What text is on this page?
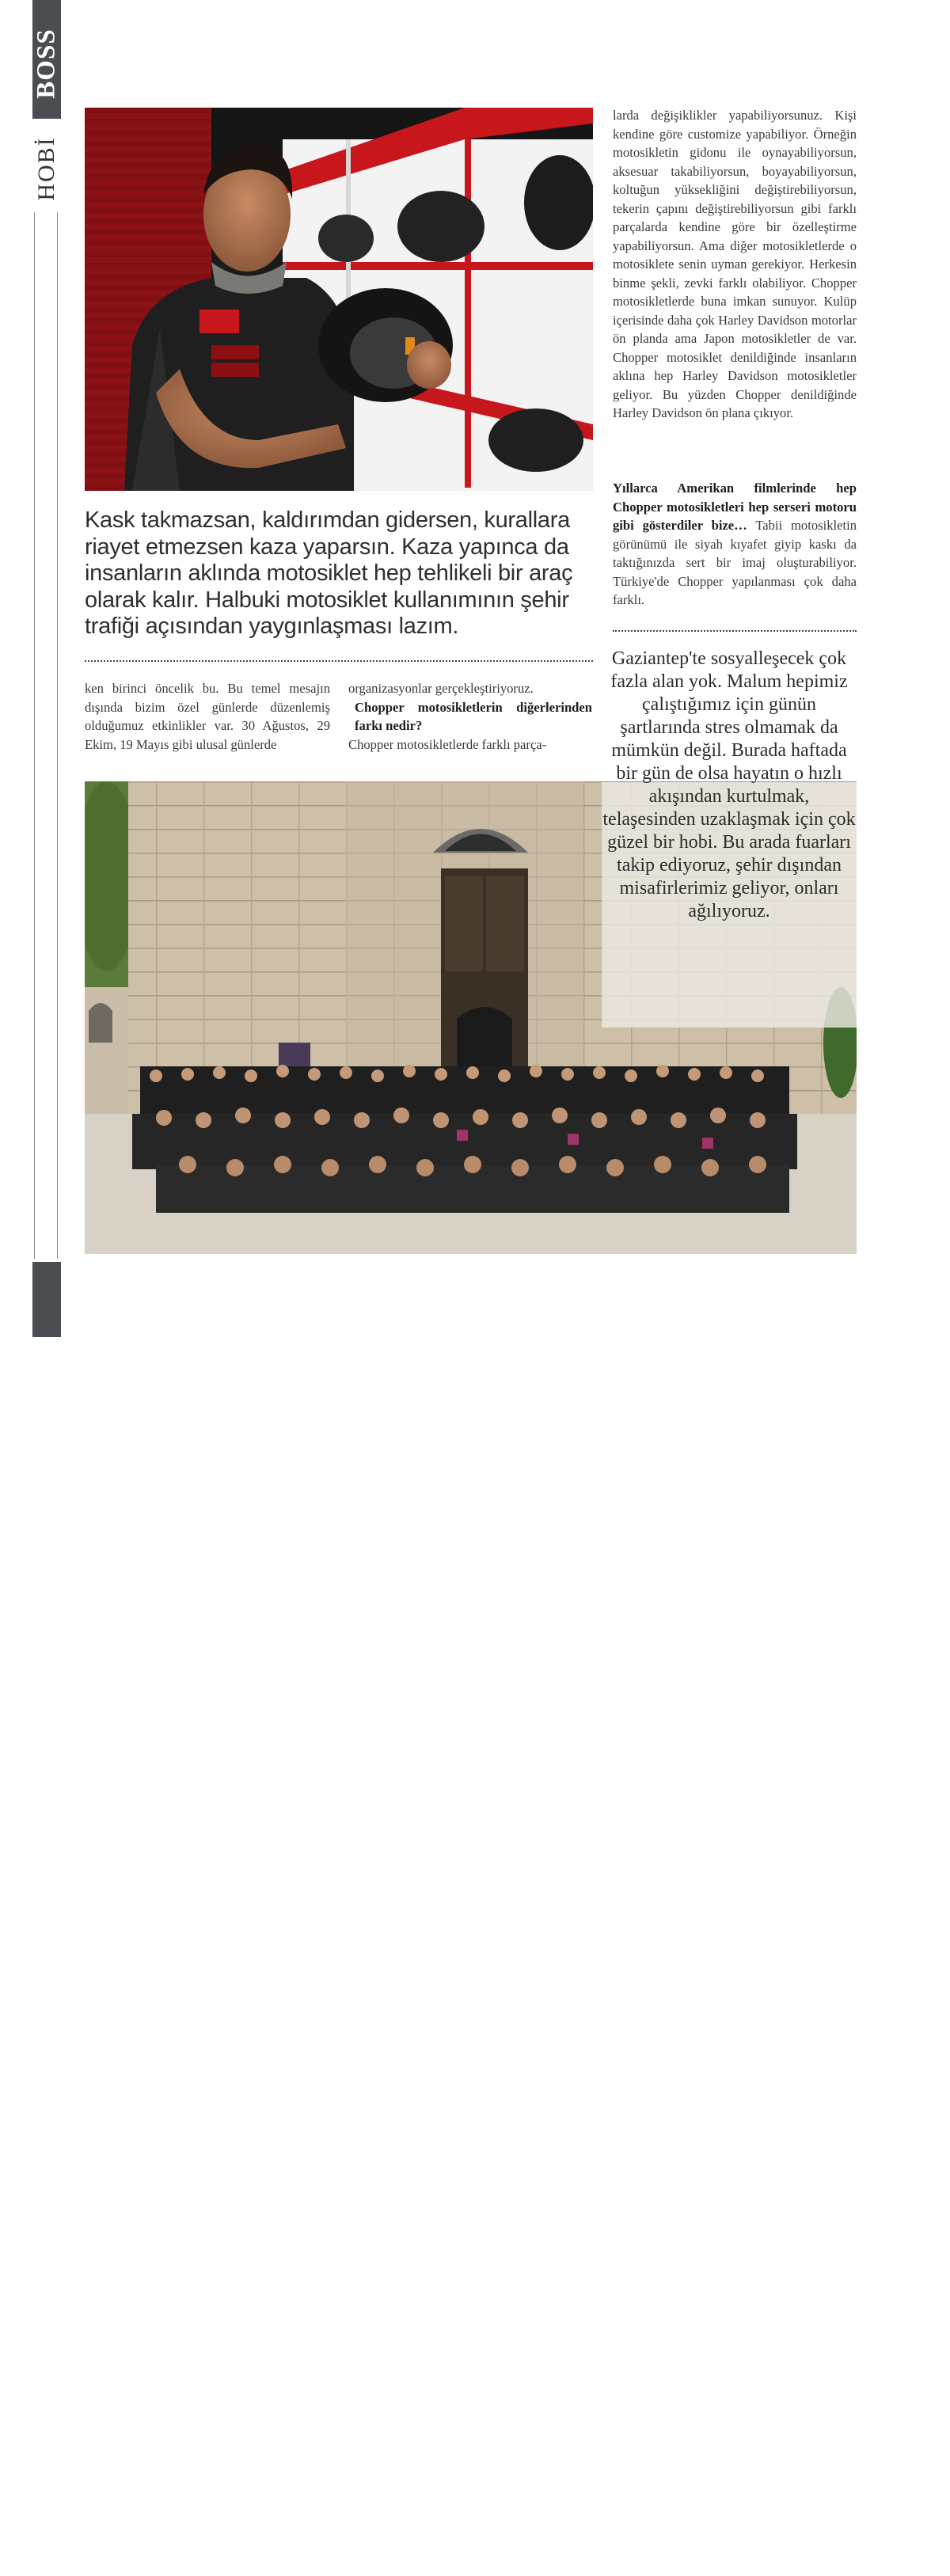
BOSS
HOBİ
110
larda değişiklikler yapabiliyorsunuz. Kişi kendine göre customize yapabiliyor. Örneğin motosikletin gidonu ile oynayabiliyorsun, aksesuar takabiliyorsun, boyayabiliyorsun, koltuğun yüksekliğini değiştirebiliyorsun, tekerin çapını değiştirebiliyorsun gibi farklı parçalarda kendine göre bir özelleştirme yapabiliyorsun. Ama diğer motosikletlerde o motosiklete senin uyman gerekiyor. Herkesin binme şekli, zevki farklı olabiliyor. Chopper motosikletlerde buna imkan sunuyor. Kulüp içerisinde daha çok Harley Davidson motorlar ön planda ama Japon motosikletler de var. Chopper motosiklet denildiğinde insanların aklına hep Harley Davidson motosikletler geliyor. Bu yüzden Chopper denildiğinde Harley Davidson ön plana çıkıyor.
Yıllarca Amerikan filmlerinde hep Chopper motosikletleri hep serseri motoru gibi gösterdiler bize… Tabii motosikletin görünümü ile siyah kıyafet giyip kaskı da taktığınızda sert bir imaj oluşturabiliyor. Türkiye'de Chopper yapılanması çok daha farklı.
Kask takmazsan, kaldırımdan gidersen, kurallara riayet etmezsen kaza yaparsın. Kaza yapınca da insanların aklında motosiklet hep tehlikeli bir araç olarak kalır. Halbuki motosiklet kullanımının şehir trafiği açısından yaygınlaşması lazım.
ken birinci öncelik bu. Bu temel mesajın dışında bizim özel günlerde düzenlemiş olduğumuz etkinlikler var. 30 Ağustos, 29 Ekim, 19 Mayıs gibi ulusal günlerde
organizasyonlar gerçekleştiriyoruz.
Chopper motosikletlerin diğerlerinden farkı nedir?
Chopper motosikletlerde farklı parça-
Gaziantep'te sosyalleşecek çok fazla alan yok. Malum hepimiz çalıştığımız için günün şartlarında stres olmamak da mümkün değil. Burada haftada bir gün de olsa hayatın o hızlı akışından kurtulmak, telaşesinden uzaklaşmak için çok güzel bir hobi. Bu arada fuarları takip ediyoruz, şehir dışından misafirlerimiz geliyor, onları ağılıyoruz.
